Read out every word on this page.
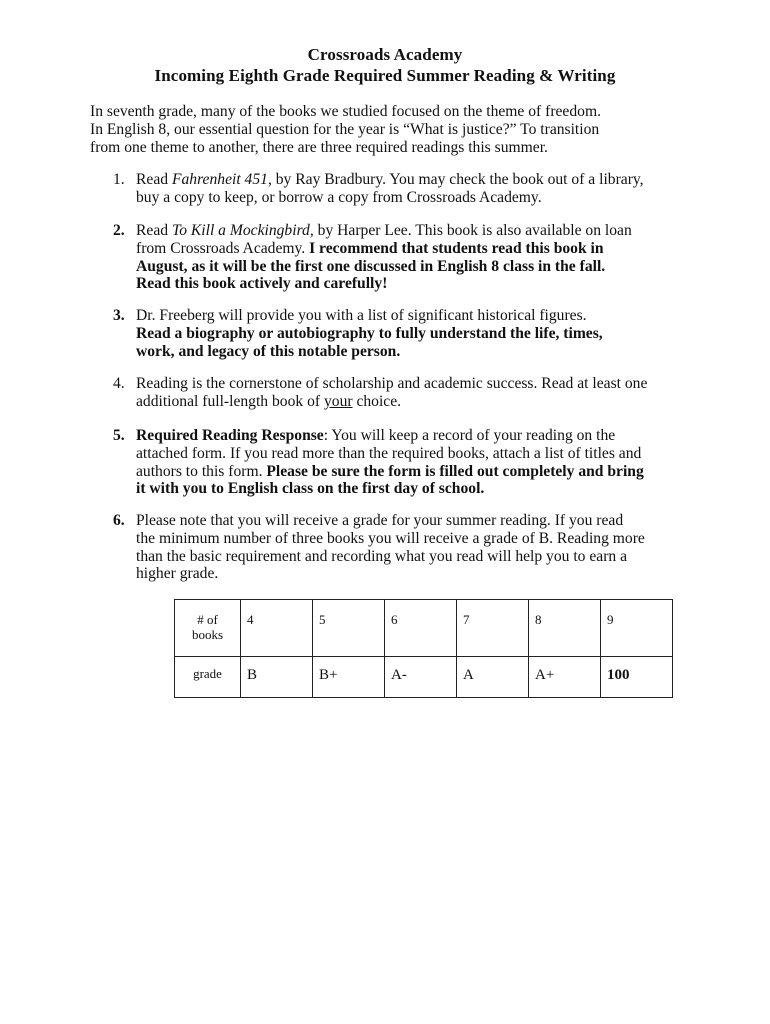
Crossroads Academy
Incoming Eighth Grade Required Summer Reading & Writing
In seventh grade, many of the books we studied focused on the theme of freedom.
In English 8, our essential question for the year is “What is justice?” To transition
from one theme to another, there are three required readings this summer.
1. Read Fahrenheit 451, by Ray Bradbury. You may check the book out of a library,
buy a copy to keep, or borrow a copy from Crossroads Academy.
2. Read To Kill a Mockingbird, by Harper Lee. This book is also available on loan
from Crossroads Academy. I recommend that students read this book in
August, as it will be the first one discussed in English 8 class in the fall.
Read this book actively and carefully!
3. Dr. Freeberg will provide you with a list of significant historical figures.
Read a biography or autobiography to fully understand the life, times,
work, and legacy of this notable person.
4. Reading is the cornerstone of scholarship and academic success. Read at least one
additional full-length book of your choice.
5. Required Reading Response: You will keep a record of your reading on the
attached form. If you read more than the required books, attach a list of titles and
authors to this form. Please be sure the form is filled out completely and bring
it with you to English class on the first day of school.
6. Please note that you will receive a grade for your summer reading. If you read
the minimum number of three books you will receive a grade of B. Reading more
than the basic requirement and recording what you read will help you to earn a
higher grade.
# of
books	4	5	6	7	8	9
grade	B	B+	A-	A	A+	100
